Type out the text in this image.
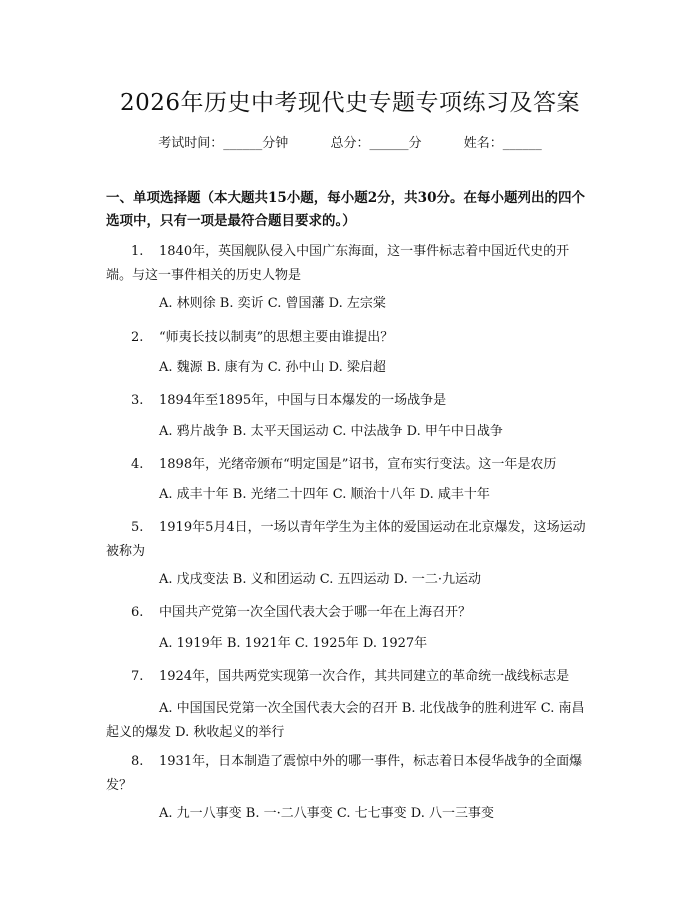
2026年历史中考现代史专题专项练习及答案
考试时间：______分钟	总分：______分	姓名：______

一、单项选择题（本大题共15小题，每小题2分，共30分。在每小题列出的四个选项中，只有一项是最符合题目要求的。）

1. 1840年，英国舰队侵入中国广东海面，这一事件标志着中国近代史的开端。与这一事件相关的历史人物是

A. 林则徐 B. 奕䜣 C. 曾国藩 D. 左宗棠

2. “师夷长技以制夷”的思想主要由谁提出？

A. 魏源 B. 康有为 C. 孙中山 D. 梁启超

3. 1894年至1895年，中国与日本爆发的一场战争是

A. 鸦片战争 B. 太平天国运动 C. 中法战争 D. 甲午中日战争

4. 1898年，光绪帝颁布“明定国是”诏书，宣布实行变法。这一年是农历

A. 成丰十年 B. 光绪二十四年 C. 顺治十八年 D. 咸丰十年

5. 1919年5月4日，一场以青年学生为主体的爱国运动在北京爆发，这场运动被称为

A. 戊戌变法 B. 义和团运动 C. 五四运动 D. 一二·九运动

6. 中国共产党第一次全国代表大会于哪一年在上海召开？

A. 1919年 B. 1921年 C. 1925年 D. 1927年

7. 1924年，国共两党实现第一次合作，其共同建立的革命统一战线标志是

A. 中国国民党第一次全国代表大会的召开 B. 北伐战争的胜利进军 C. 南昌起义的爆发 D. 秋收起义的举行

8. 1931年，日本制造了震惊中外的哪一事件，标志着日本侵华战争的全面爆发？

A. 九一八事变 B. 一·二八事变 C. 七七事变 D. 八一三事变
